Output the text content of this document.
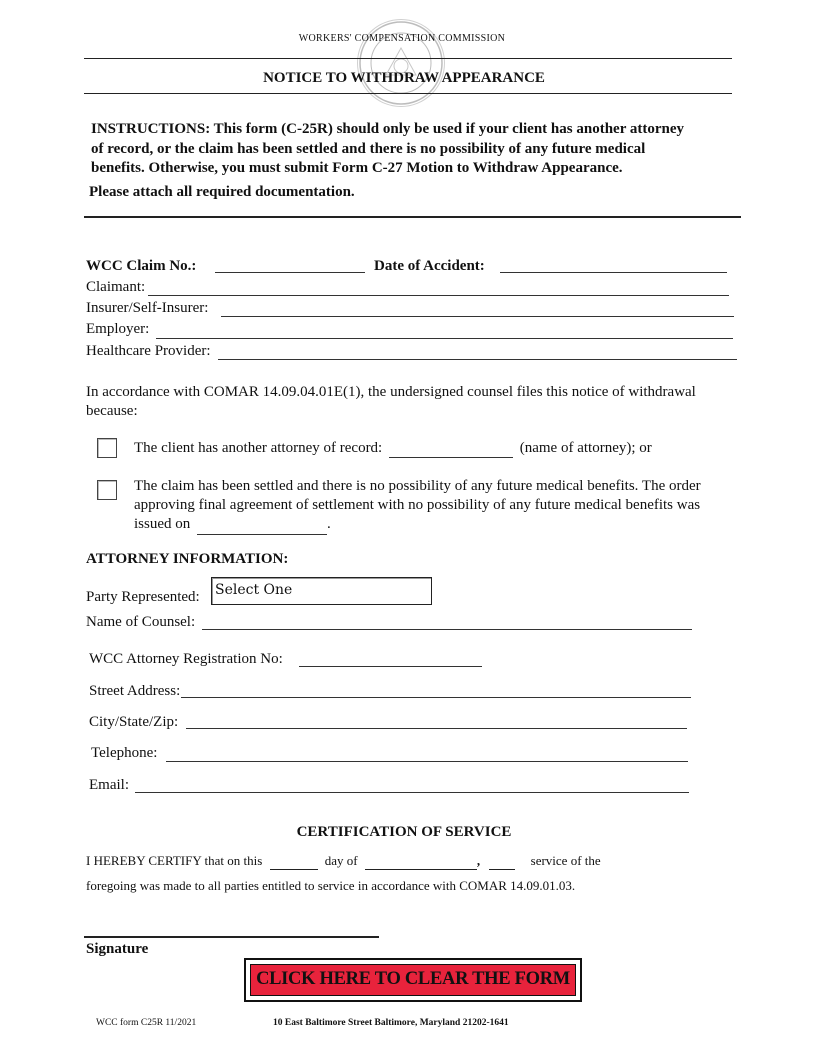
WORKERS' COMPENSATION COMMISSION
NOTICE TO WITHDRAW APPEARANCE
INSTRUCTIONS: This form (C-25R) should only be used if your client has another attorney
of record, or the claim has been settled and there is no possibility of any future medical
benefits. Otherwise, you must submit Form C-27 Motion to Withdraw Appearance.
Please attach all required documentation.
WCC Claim No.:	Date of Accident:
Claimant:
Insurer/Self-Insurer:
Employer:
Healthcare Provider:
In accordance with COMAR 14.09.04.01E(1), the undersigned counsel files this notice of withdrawal
because:
The client has another attorney of record:	(name of attorney); or
The claim has been settled and there is no possibility of any future medical benefits. The order
approving final agreement of settlement with no possibility of any future medical benefits was
issued on	.
ATTORNEY INFORMATION:
Party Represented: Select One
Name of Counsel:
WCC Attorney Registration No:
Street Address:
City/State/Zip:
Telephone:
Email:
CERTIFICATION OF SERVICE
I HEREBY CERTIFY that on this	day of	,	service of the
foregoing was made to all parties entitled to service in accordance with COMAR 14.09.01.03.
Signature
CLICK HERE TO CLEAR THE FORM
WCC form C25R 11/2021	10 East Baltimore Street Baltimore, Maryland 21202-1641
